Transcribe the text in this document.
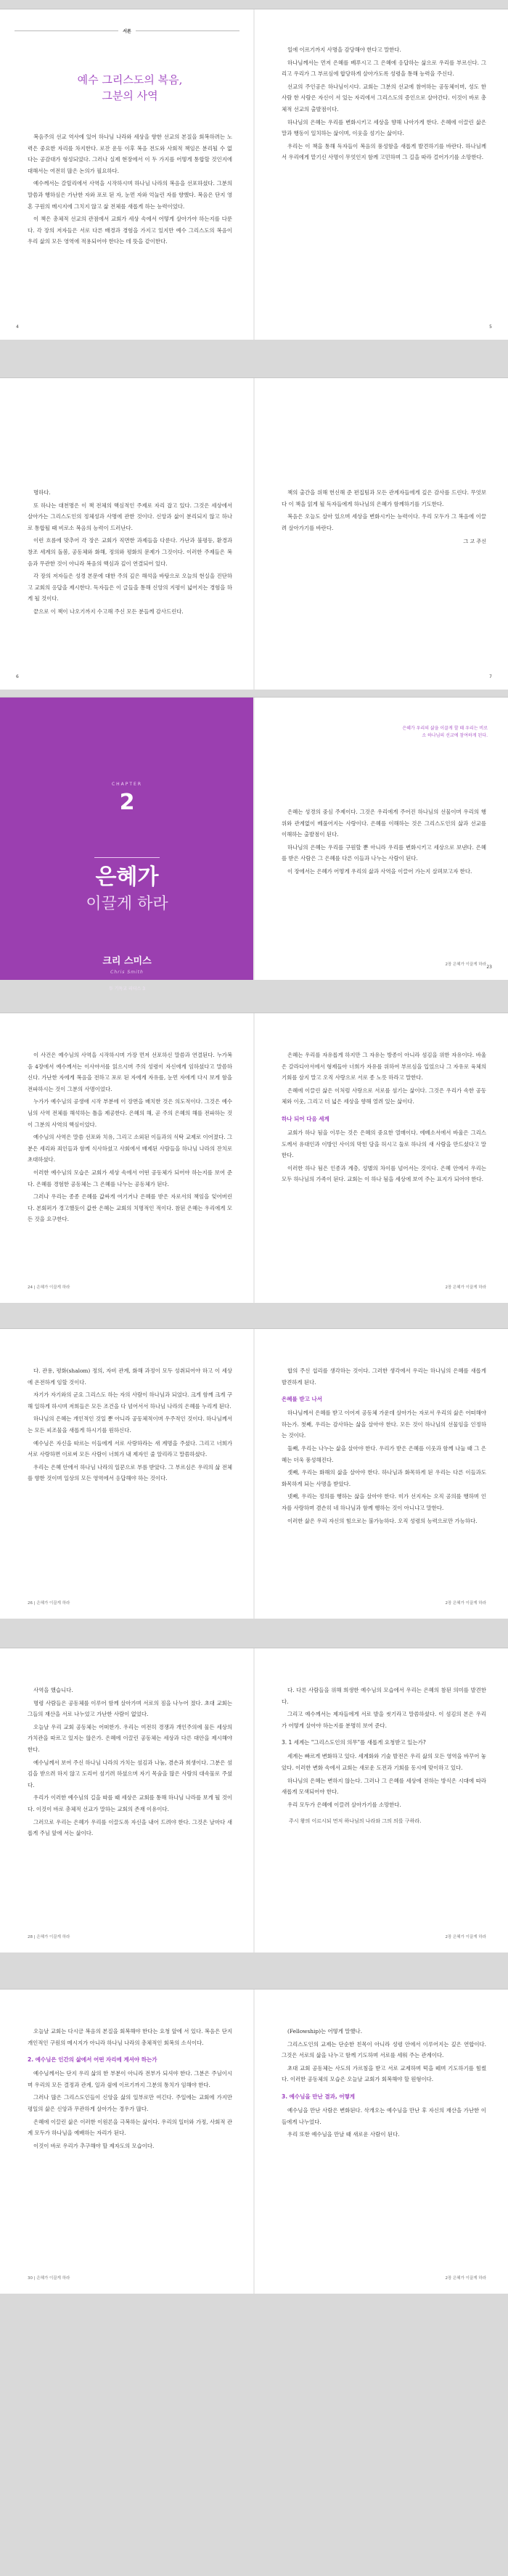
서론
예수 그리스도의 복음,
그분의 사역

복음주의 선교 역사에 있어 하나님 나라와 세상을 향한 선교의 본질을 회복하려는 노력은 중요한 자리를 차지한다. 로잔 운동 이후 복음 전도와 사회적 책임은 분리될 수 없다는 공감대가 형성되었다. 그러나 실제 현장에서 이 두 가지를 어떻게 통합할 것인지에 대해서는 여전히 많은 논의가 필요하다.

예수께서는 갈릴리에서 사역을 시작하시며 하나님 나라의 복음을 선포하셨다. 그분의 말씀과 행하심은 가난한 자와 포로 된 자, 눈먼 자와 억눌린 자를 향했다. 복음은 단지 영혼 구원의 메시지에 그치지 않고 삶 전체를 새롭게 하는 능력이었다.

이 책은 총체적 선교의 관점에서 교회가 세상 속에서 어떻게 살아가야 하는지를 다룬다. 각 장의 저자들은 서로 다른 배경과 경험을 가지고 있지만 예수 그리스도의 복음이 우리 삶의 모든 영역에 적용되어야 한다는 데 뜻을 같이한다.

4

일에 이르기까지 사명을 감당해야 한다고 말한다.

하나님께서는 먼저 은혜를 베푸시고 그 은혜에 응답하는 삶으로 우리를 부르신다. 그리고 우리가 그 부르심에 합당하게 살아가도록 성령을 통해 능력을 주신다.

선교의 주인공은 하나님이시다. 교회는 그분의 선교에 참여하는 공동체이며, 성도 한 사람 한 사람은 자신이 서 있는 자리에서 그리스도의 증인으로 살아간다. 이것이 바로 총체적 선교의 출발점이다.

하나님의 은혜는 우리를 변화시키고 세상을 향해 나아가게 한다. 은혜에 이끌린 삶은 말과 행동이 일치하는 삶이며, 이웃을 섬기는 삶이다.

우리는 이 책을 통해 독자들이 복음의 풍성함을 새롭게 발견하기를 바란다. 하나님께서 우리에게 맡기신 사명이 무엇인지 함께 고민하며 그 길을 따라 걸어가기를 소망한다.

5

명하다.

또 하나는 대천명은 이 책 전체의 핵심적인 주제로 자리 잡고 있다. 그것은 세상에서 살아가는 그리스도인의 정체성과 사명에 관한 것이다. 신앙과 삶이 분리되지 않고 하나로 통합될 때 비로소 복음의 능력이 드러난다.

이런 흐름에 맞추어 각 장은 교회가 직면한 과제들을 다룬다. 가난과 불평등, 환경과 창조 세계의 돌봄, 공동체와 화해, 정의와 평화의 문제가 그것이다. 이러한 주제들은 복음과 무관한 것이 아니라 복음의 핵심과 깊이 연결되어 있다.

각 장의 저자들은 성경 본문에 대한 주의 깊은 해석을 바탕으로 오늘의 현실을 진단하고 교회의 응답을 제시한다. 독자들은 이 글들을 통해 신앙의 지평이 넓어지는 경험을 하게 될 것이다.

끝으로 이 책이 나오기까지 수고해 주신 모든 분들께 감사드린다.

6

책의 출간을 위해 헌신해 준 편집팀과 모든 관계자들에게 깊은 감사를 드린다. 무엇보다 이 책을 읽게 될 독자들에게 하나님의 은혜가 함께하기를 기도한다.

복음은 오늘도 살아 있으며 세상을 변화시키는 능력이다. 우리 모두가 그 복음에 이끌려 살아가기를 바란다.

그 고 주신
7
CHAPTER
2
은혜가
이끌게 하라
크리 스미스
Chris Smith
두 기독교 리더스 3
은혜가 우리의 삶을 이끌게 할 때 우리는 비로소 하나님의 선교에 참여하게 된다.

은혜는 성경의 중심 주제이다. 그것은 우리에게 주어진 하나님의 선물이며 우리의 행위와 관계없이 베풀어지는 사랑이다. 은혜를 이해하는 것은 그리스도인의 삶과 선교를 이해하는 출발점이 된다.

하나님의 은혜는 우리를 구원할 뿐 아니라 우리를 변화시키고 세상으로 보낸다. 은혜를 받은 사람은 그 은혜를 다른 이들과 나누는 사람이 된다.

이 장에서는 은혜가 어떻게 우리의 삶과 사역을 이끌어 가는지 살펴보고자 한다.

2장 은혜가 이끌게 하라 23

이 사건은 예수님의 사역을 시작하시며 가장 먼저 선포하신 말씀과 연결된다. 누가복음 4장에서 예수께서는 이사야서를 읽으시며 주의 성령이 자신에게 임하셨다고 말씀하신다. 가난한 자에게 복음을 전하고 포로 된 자에게 자유를, 눈먼 자에게 다시 보게 함을 전파하시는 것이 그분의 사명이었다.

누가가 예수님의 공생애 시작 부분에 이 장면을 배치한 것은 의도적이다. 그것은 예수님의 사역 전체를 해석하는 틀을 제공한다. 은혜의 해, 곧 주의 은혜의 해를 전파하는 것이 그분의 사역의 핵심이었다.

예수님의 사역은 말씀 선포와 치유, 그리고 소외된 이들과의 식탁 교제로 이어졌다. 그분은 세리와 죄인들과 함께 식사하셨고 사회에서 배제된 사람들을 하나님 나라의 잔치로 초대하셨다.

이러한 예수님의 모습은 교회가 세상 속에서 어떤 공동체가 되어야 하는지를 보여 준다. 은혜를 경험한 공동체는 그 은혜를 나누는 공동체가 된다.

그러나 우리는 종종 은혜를 값싸게 여기거나 은혜를 받은 자로서의 책임을 잊어버린다. 본회퍼가 경고했듯이 값싼 은혜는 교회의 치명적인 적이다. 참된 은혜는 우리에게 모든 것을 요구한다.

24 | 은혜가 이끌게 하라

은혜는 우리를 자유롭게 하지만 그 자유는 방종이 아니라 섬김을 위한 자유이다. 바울은 갈라디아서에서 형제들아 너희가 자유를 위하여 부르심을 입었으나 그 자유로 육체의 기회를 삼지 말고 오직 사랑으로 서로 종 노릇 하라고 말한다.

은혜에 이끌린 삶은 이처럼 사랑으로 서로를 섬기는 삶이다. 그것은 우리가 속한 공동체와 이웃, 그리고 더 넓은 세상을 향해 열려 있는 삶이다.

하나 되어 다음 세계

교회가 하나 됨을 이루는 것은 은혜의 중요한 열매이다. 에베소서에서 바울은 그리스도께서 유대인과 이방인 사이의 막힌 담을 허시고 둘로 하나의 새 사람을 만드셨다고 말한다.

이러한 하나 됨은 인종과 계층, 성별의 차이를 넘어서는 것이다. 은혜 안에서 우리는 모두 하나님의 가족이 된다. 교회는 이 하나 됨을 세상에 보여 주는 표지가 되어야 한다.

2장 은혜가 이끌게 하라

다. 관용, 평화(shalom) 정의, 자비 관계, 화해 과정이 모두 성취되어야 하고 이 세상에 온전하게 임할 것이다.

자기가 자기와의 군요 그리스도 하는 자의 사람이 하나님과 되었다. 크게 함께 크게 구해 일하게 하시며 저희들은 모든 조건을 다 넘어서서 하나님 나라의 은혜를 누리게 된다.

하나님의 은혜는 개인적인 것일 뿐 아니라 공동체적이며 우주적인 것이다. 하나님께서는 모든 피조물을 새롭게 하시기를 원하신다.

예수님은 자신을 따르는 이들에게 서로 사랑하라는 새 계명을 주셨다. 그리고 너희가 서로 사랑하면 이로써 모든 사람이 너희가 내 제자인 줄 알리라고 말씀하셨다.

우리는 은혜 안에서 하나님 나라의 일꾼으로 부름 받았다. 그 부르심은 우리의 삶 전체를 향한 것이며 일상의 모든 영역에서 응답해야 하는 것이다.

26 | 은혜가 이끌게 하라

합의 주신 섭리를 생각하는 것이다. 그러한 생각에서 우리는 하나님의 은혜를 새롭게 발견하게 된다.

은혜를 받고 나서

하나님께서 은혜를 받고 이어져 공동체 가운데 살아가는 자로서 우리의 삶은 어떠해야 하는가. 첫째, 우리는 감사하는 삶을 살아야 한다. 모든 것이 하나님의 선물임을 인정하는 것이다.

둘째, 우리는 나누는 삶을 살아야 한다. 우리가 받은 은혜를 이웃과 함께 나눌 때 그 은혜는 더욱 풍성해진다.

셋째, 우리는 화해의 삶을 살아야 한다. 하나님과 화목하게 된 우리는 다른 이들과도 화목하게 되는 사명을 받았다.

넷째, 우리는 정의를 행하는 삶을 살아야 한다. 미가 선지자는 오직 공의를 행하며 인자를 사랑하며 겸손히 네 하나님과 함께 행하는 것이 아니냐고 말한다.

이러한 삶은 우리 자신의 힘으로는 불가능하다. 오직 성령의 능력으로만 가능하다.

2장 은혜가 이끌게 하라

사역을 했습니다.

명령 사람들은 공동체를 이루어 함께 살아가며 서로의 짐을 나누어 졌다. 초대 교회는 그들의 재산을 서로 나누었고 가난한 사람이 없었다.

오늘날 우리 교회 공동체는 어떠한가. 우리는 여전히 경쟁과 개인주의에 물든 세상의 가치관을 따르고 있지는 않은가. 은혜에 이끌린 공동체는 세상과 다른 대안을 제시해야 한다.

예수님께서 보여 주신 하나님 나라의 가치는 섬김과 나눔, 겸손과 희생이다. 그분은 섬김을 받으려 하지 않고 도리어 섬기려 하셨으며 자기 목숨을 많은 사람의 대속물로 주셨다.

우리가 이러한 예수님의 길을 따를 때 세상은 교회를 통해 하나님 나라를 보게 될 것이다. 이것이 바로 총체적 선교가 말하는 교회의 존재 이유이다.

그러므로 우리는 은혜가 우리를 이끌도록 자신을 내어 드려야 한다. 그것은 날마다 새롭게 주님 앞에 서는 삶이다.

28 | 은혜가 이끌게 하라

다. 다른 사람들을 위해 희생한 예수님의 모습에서 우리는 은혜의 참된 의미를 발견한다.

그리고 예수께서는 제자들에게 서로 발을 씻기라고 말씀하셨다. 이 섬김의 본은 우리가 어떻게 살아야 하는지를 분명히 보여 준다.

3. 1 세계는 "그리스도인의 의무"를 새롭게 요청받고 있는가?

세계는 빠르게 변화하고 있다. 세계화와 기술 발전은 우리 삶의 모든 영역을 바꾸어 놓았다. 이러한 변화 속에서 교회는 새로운 도전과 기회를 동시에 맞이하고 있다.

하나님의 은혜는 변하지 않는다. 그러나 그 은혜를 세상에 전하는 방식은 시대에 따라 새롭게 모색되어야 한다.

우리 모두가 은혜에 이끌려 살아가기를 소망한다.

주시 왕의 이르시되 먼저 하나님의 나라와 그의 의를 구하라.
2장 은혜가 이끌게 하라

오늘날 교회는 다시금 복음의 본질을 회복해야 한다는 요청 앞에 서 있다. 복음은 단지 개인적인 구원의 메시지가 아니라 하나님 나라의 총체적인 회복의 소식이다.

2. 예수님은 인간의 삶에서 어떤 자리에 계셔야 하는가

예수님께서는 단지 우리 삶의 한 부분이 아니라 전부가 되셔야 한다. 그분은 주님이시며 우리의 모든 결정과 관계, 일과 쉼에 이르기까지 그분의 통치가 임해야 한다.

그러나 많은 그리스도인들이 신앙을 삶의 일부로만 여긴다. 주일에는 교회에 가지만 평일의 삶은 신앙과 무관하게 살아가는 경우가 많다.

은혜에 이끌린 삶은 이러한 이원론을 극복하는 삶이다. 우리의 일터와 가정, 사회적 관계 모두가 하나님을 예배하는 자리가 된다.

이것이 바로 우리가 추구해야 할 제자도의 모습이다.

30 | 은혜가 이끌게 하라

(Fellowship)는 어떻게 말했나.

그리스도인의 교제는 단순한 친목이 아니라 성령 안에서 이루어지는 깊은 연합이다. 그것은 서로의 삶을 나누고 함께 기도하며 서로를 세워 주는 관계이다.

초대 교회 공동체는 사도의 가르침을 받고 서로 교제하며 떡을 떼며 기도하기를 힘썼다. 이러한 공동체의 모습은 오늘날 교회가 회복해야 할 원형이다.

3. 예수님을 만난 결과, 어떻게

예수님을 만난 사람은 변화된다. 삭개오는 예수님을 만난 후 자신의 재산을 가난한 이들에게 나누었다.

우리 또한 예수님을 만날 때 새로운 사람이 된다.

2장 은혜가 이끌게 하라
